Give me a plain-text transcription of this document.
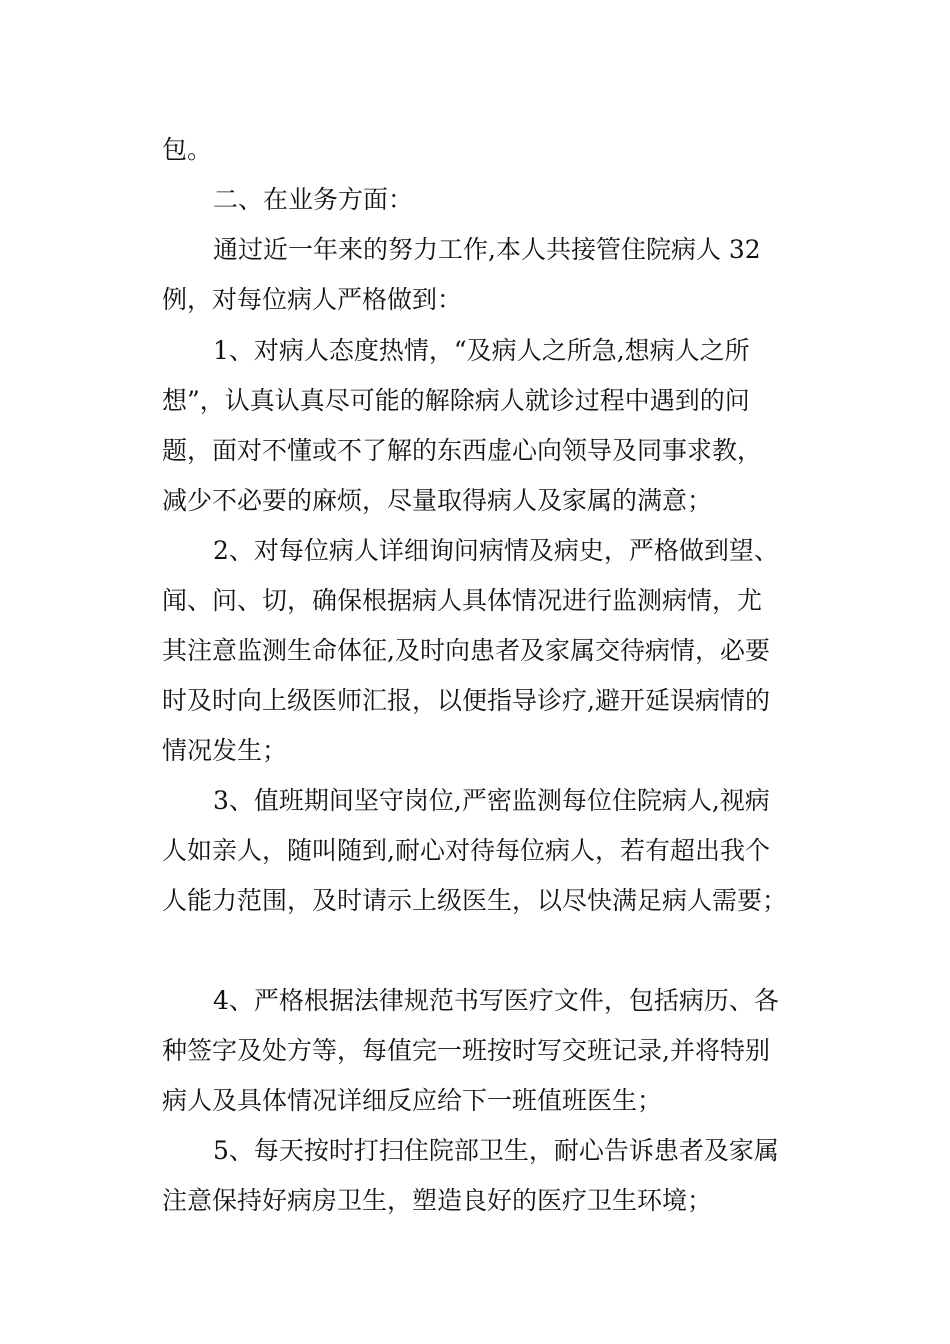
包。
二、在业务方面：
通过近一年来的努力工作,本人共接管住院病人 32
例，对每位病人严格做到：
1、对病人态度热情，“及病人之所急,想病人之所
想”，认真认真尽可能的解除病人就诊过程中遇到的问
题，面对不懂或不了解的东西虚心向领导及同事求教，
减少不必要的麻烦，尽量取得病人及家属的满意；
2、对每位病人详细询问病情及病史，严格做到望、
闻、问、切，确保根据病人具体情况进行监测病情，尤
其注意监测生命体征,及时向患者及家属交待病情，必要
时及时向上级医师汇报，以便指导诊疗,避开延误病情的
情况发生；
3、值班期间坚守岗位,严密监测每位住院病人,视病
人如亲人，随叫随到,耐心对待每位病人，若有超出我个
人能力范围，及时请示上级医生，以尽快满足病人需要；
4、严格根据法律规范书写医疗文件，包括病历、各
种签字及处方等，每值完一班按时写交班记录,并将特别
病人及具体情况详细反应给下一班值班医生；
5、每天按时打扫住院部卫生，耐心告诉患者及家属
注意保持好病房卫生，塑造良好的医疗卫生环境；
